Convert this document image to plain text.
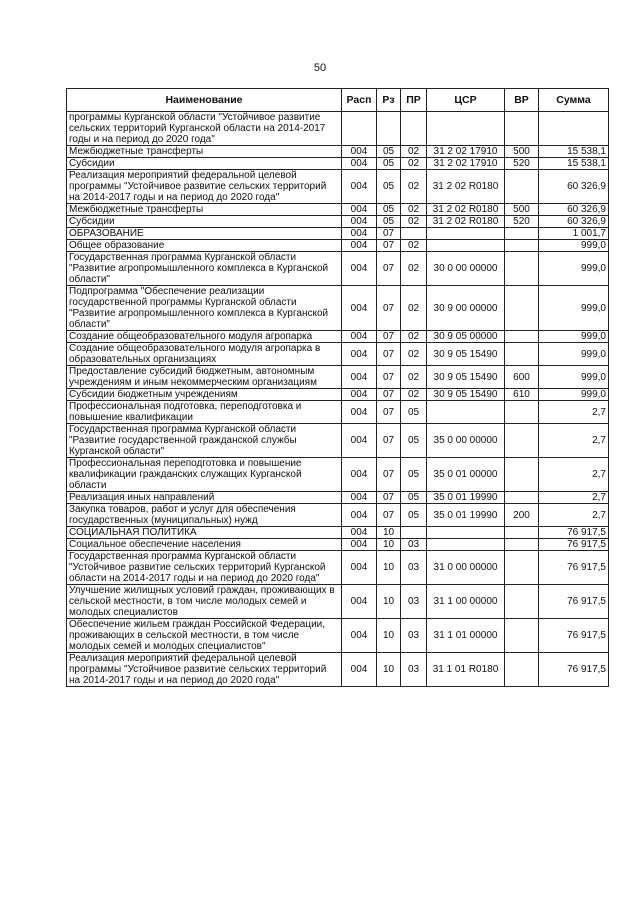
50
Наименование	Расп	Рз	ПР	ЦСР	ВР	Сумма
программы Курганской области "Устойчивое развитие сельских территорий Курганской области на 2014-2017 годы и на период до 2020 года"						
Межбюджетные трансферты	004	05	02	31 2 02 17910	500	15 538,1
Субсидии	004	05	02	31 2 02 17910	520	15 538,1
Реализация мероприятий федеральной целевой программы "Устойчивое развитие сельских территорий на 2014-2017 годы и на период до 2020 года"	004	05	02	31 2 02 R0180		60 326,9
Межбюджетные трансферты	004	05	02	31 2 02 R0180	500	60 326,9
Субсидии	004	05	02	31 2 02 R0180	520	60 326,9
ОБРАЗОВАНИЕ	004	07				1 001,7
Общее образование	004	07	02			999,0
Государственная программа Курганской области "Развитие агропромышленного комплекса в Курганской области"	004	07	02	30 0 00 00000		999,0
Подпрограмма "Обеспечение реализации государственной программы Курганской области "Развитие агропромышленного комплекса в Курганской области"	004	07	02	30 9 00 00000		999,0
Создание общеобразовательного модуля агропарка	004	07	02	30 9 05 00000		999,0
Создание общеобразовательного модуля агропарка в образовательных организациях	004	07	02	30 9 05 15490		999,0
Предоставление субсидий бюджетным, автономным учреждениям и иным некоммерческим организациям	004	07	02	30 9 05 15490	600	999,0
Субсидии бюджетным учреждениям	004	07	02	30 9 05 15490	610	999,0
Профессиональная подготовка, переподготовка и повышение квалификации	004	07	05			2,7
Государственная программа Курганской области "Развитие государственной гражданской службы Курганской области"	004	07	05	35 0 00 00000		2,7
Профессиональная переподготовка и повышение квалификации гражданских служащих Курганской области	004	07	05	35 0 01 00000		2,7
Реализация иных направлений	004	07	05	35 0 01 19990		2,7
Закупка товаров, работ и услуг для обеспечения государственных (муниципальных) нужд	004	07	05	35 0 01 19990	200	2,7
СОЦИАЛЬНАЯ ПОЛИТИКА	004	10				76 917,5
Социальное обеспечение населения	004	10	03			76 917,5
Государственная программа Курганской области "Устойчивое развитие сельских территорий Курганской области на 2014-2017 годы и на период до 2020 года"	004	10	03	31 0 00 00000		76 917,5
Улучшение жилищных условий граждан, проживающих в сельской местности, в том числе молодых семей и молодых специалистов	004	10	03	31 1 00 00000		76 917,5
Обеспечение жильем граждан Российской Федерации, проживающих в сельской местности, в том числе молодых семей и молодых специалистов"	004	10	03	31 1 01 00000		76 917,5
Реализация мероприятий федеральной целевой программы "Устойчивое развитие сельских территорий на 2014-2017 годы и на период до 2020 года"	004	10	03	31 1 01 R0180		76 917,5
